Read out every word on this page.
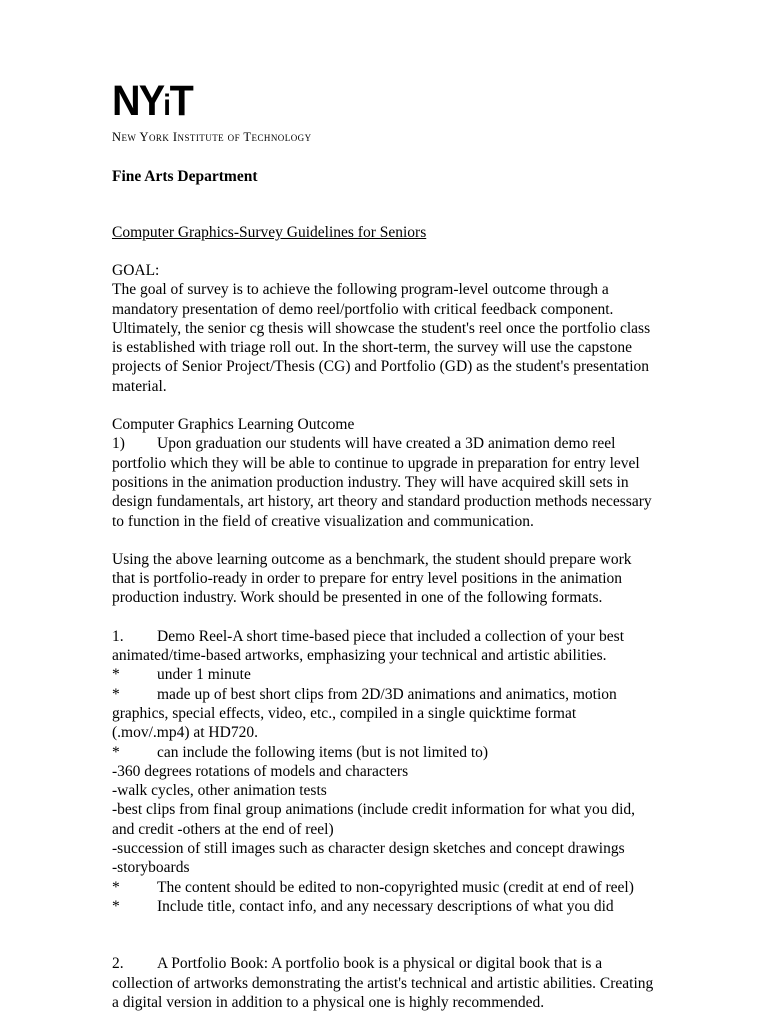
NYiT
New York Institute of Technology
Fine Arts Department
Computer Graphics-Survey Guidelines for Seniors
GOAL:
The goal of survey is to achieve the following program-level outcome through a mandatory presentation of demo reel/portfolio with critical feedback component. Ultimately, the senior cg thesis will showcase the student's reel once the portfolio class is established with triage roll out. In the short-term, the survey will use the capstone projects of Senior Project/Thesis (CG) and Portfolio (GD) as the student's presentation material.
Computer Graphics Learning Outcome
1) Upon graduation our students will have created a 3D animation demo reel portfolio which they will be able to continue to upgrade in preparation for entry level positions in the animation production industry. They will have acquired skill sets in design fundamentals, art history, art theory and standard production methods necessary to function in the field of creative visualization and communication.
Using the above learning outcome as a benchmark, the student should prepare work that is portfolio-ready in order to prepare for entry level positions in the animation production industry. Work should be presented in one of the following formats.
1. Demo Reel-A short time-based piece that included a collection of your best animated/time-based artworks, emphasizing your technical and artistic abilities.
* under 1 minute
* made up of best short clips from 2D/3D animations and animatics, motion graphics, special effects, video, etc., compiled in a single quicktime format (.mov/.mp4) at HD720.
* can include the following items (but is not limited to)
-360 degrees rotations of models and characters
-walk cycles, other animation tests
-best clips from final group animations (include credit information for what you did, and credit -others at the end of reel)
-succession of still images such as character design sketches and concept drawings
-storyboards
* The content should be edited to non-copyrighted music (credit at end of reel)
* Include title, contact info, and any necessary descriptions of what you did
2. A Portfolio Book: A portfolio book is a physical or digital book that is a collection of artworks demonstrating the artist's technical and artistic abilities. Creating a digital version in addition to a physical one is highly recommended.
